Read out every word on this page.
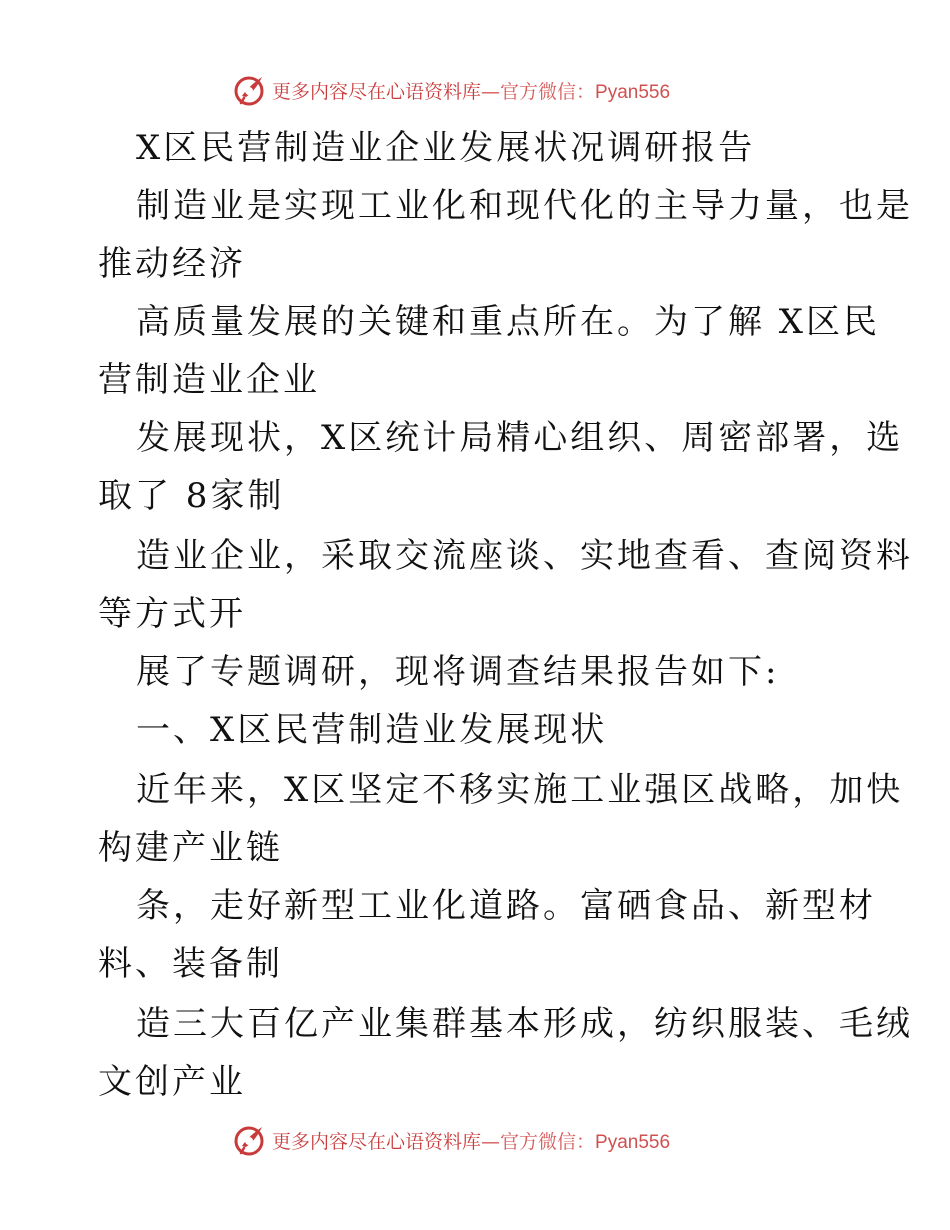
更多内容尽在心语资料库—官方微信：Pyan556
X区民营制造业企业发展状况调研报告
制造业是实现工业化和现代化的主导力量，也是
推动经济
高质量发展的关键和重点所在。为了解 X区民
营制造业企业
发展现状，X区统计局精心组织、周密部署，选
取了 8家制
造业企业，采取交流座谈、实地查看、查阅资料
等方式开
展了专题调研，现将调查结果报告如下:
一、X区民营制造业发展现状
近年来，X区坚定不移实施工业强区战略，加快
构建产业链
条，走好新型工业化道路。富硒食品、新型材
料、装备制
造三大百亿产业集群基本形成，纺织服装、毛绒
文创产业
更多内容尽在心语资料库—官方微信：Pyan556
